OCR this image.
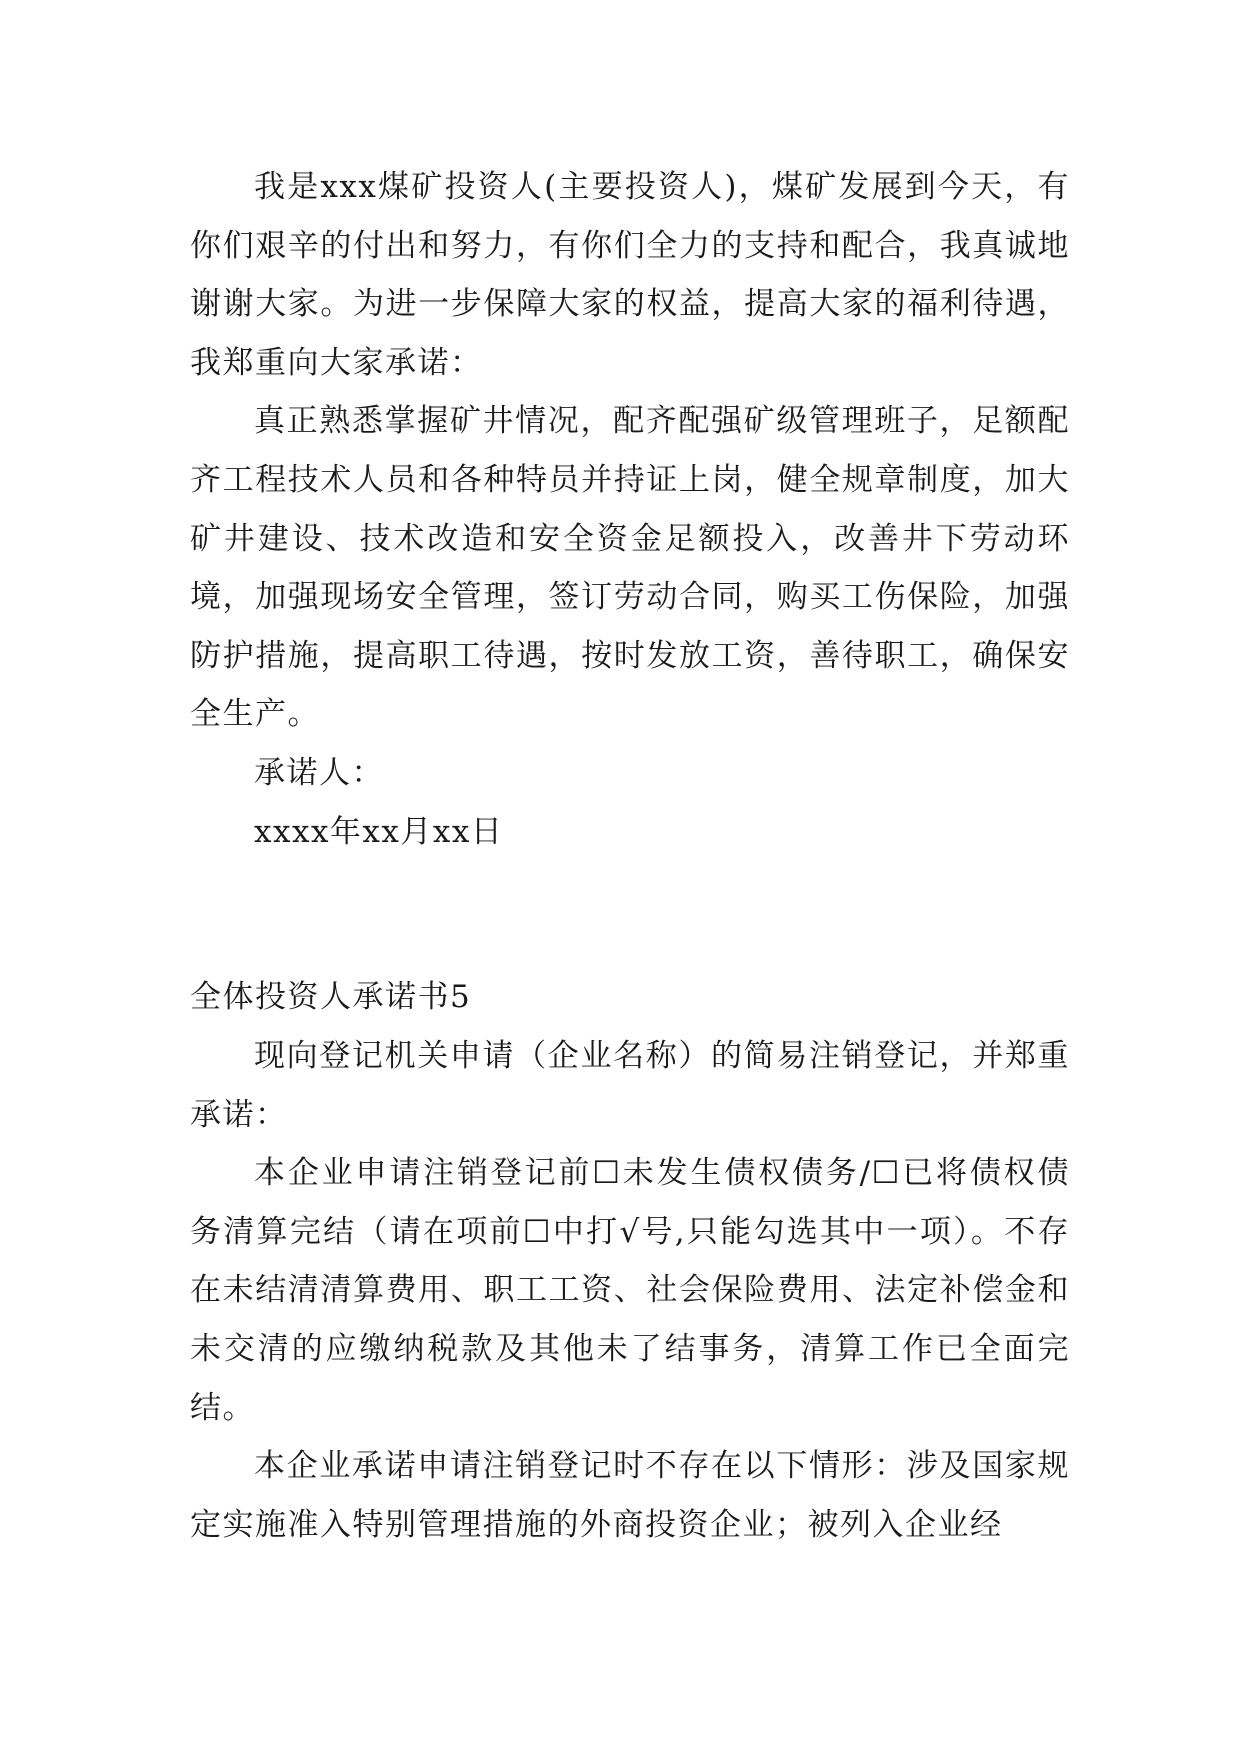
我是xxx煤矿投资人(主要投资人)，煤矿发展到今天，有你们艰辛的付出和努力，有你们全力的支持和配合，我真诚地谢谢大家。为进一步保障大家的权益，提高大家的福利待遇，我郑重向大家承诺：

真正熟悉掌握矿井情况，配齐配强矿级管理班子，足额配齐工程技术人员和各种特员并持证上岗，健全规章制度，加大矿井建设、技术改造和安全资金足额投入，改善井下劳动环境，加强现场安全管理，签订劳动合同，购买工伤保险，加强防护措施，提高职工待遇，按时发放工资，善待职工，确保安全生产。

承诺人：

xxxx年xx月xx日

全体投资人承诺书5

现向登记机关申请（企业名称）的简易注销登记，并郑重承诺：

本企业申请注销登记前☐未发生债权债务/☐已将债权债务清算完结（请在项前☐中打√号,只能勾选其中一项）。不存在未结清清算费用、职工工资、社会保险费用、法定补偿金和未交清的应缴纳税款及其他未了结事务，清算工作已全面完结。

本企业承诺申请注销登记时不存在以下情形：涉及国家规定实施准入特别管理措施的外商投资企业；被列入企业经
